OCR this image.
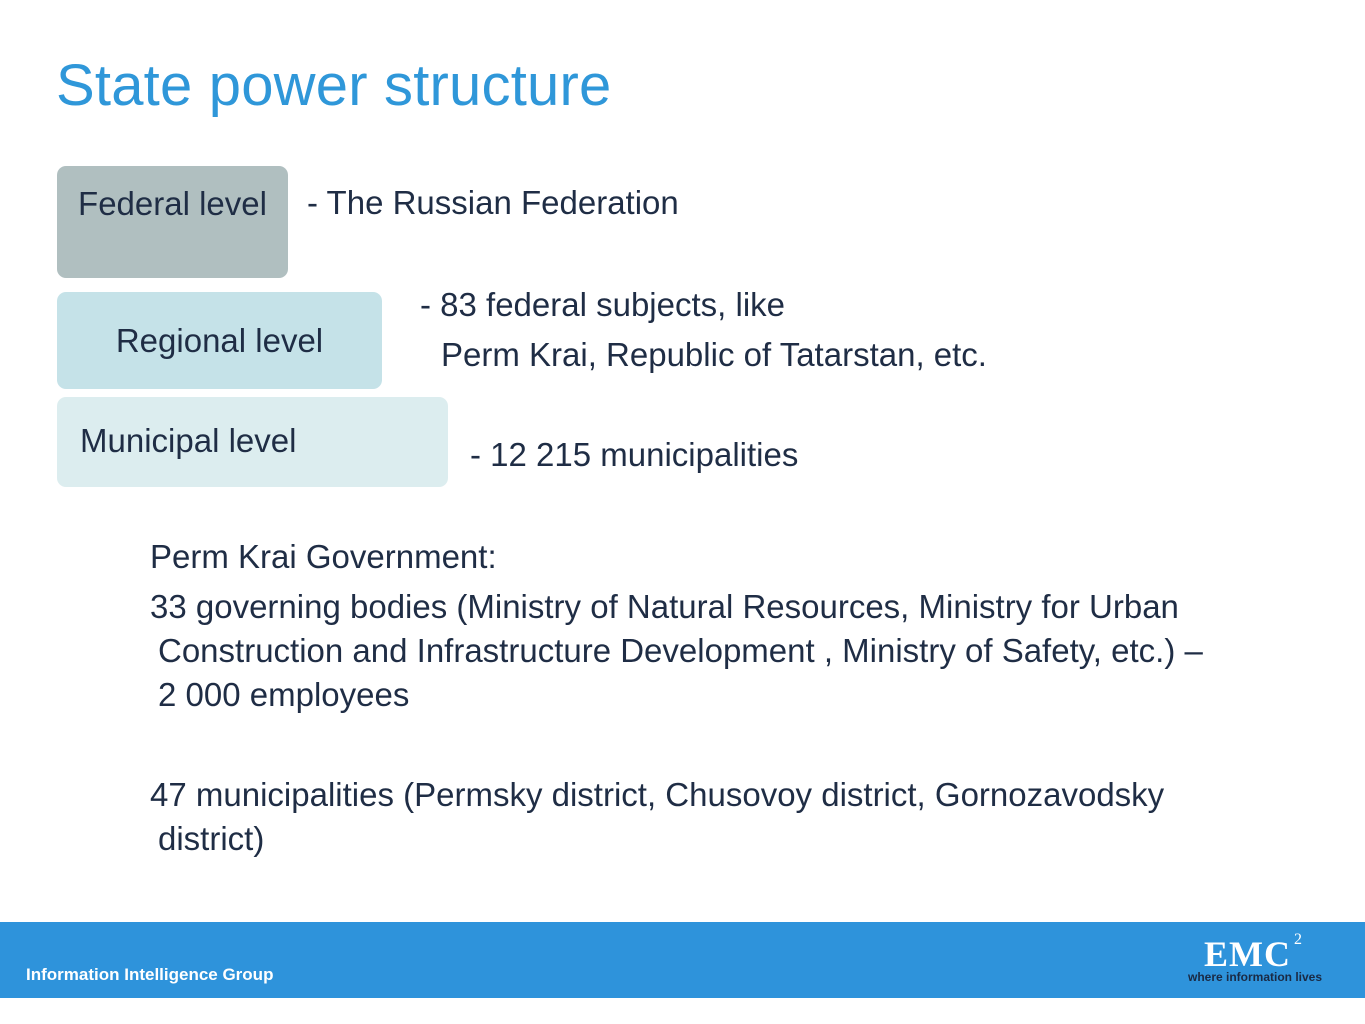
State power structure
Federal level	- The Russian Federation
Regional level
- 83 federal subjects, like
Perm Krai, Republic of Tatarstan, etc.
Municipal level	- 12 215 municipalities

Perm Krai Government:

33 governing bodies (Ministry of Natural Resources, Ministry for Urban Construction and Infrastructure Development , Ministry of Safety, etc.) – 2 000 employees

47 municipalities (Permsky district, Chusovoy district, Gornozavodsky district)

Information Intelligence Group
EMC 2
where information lives
